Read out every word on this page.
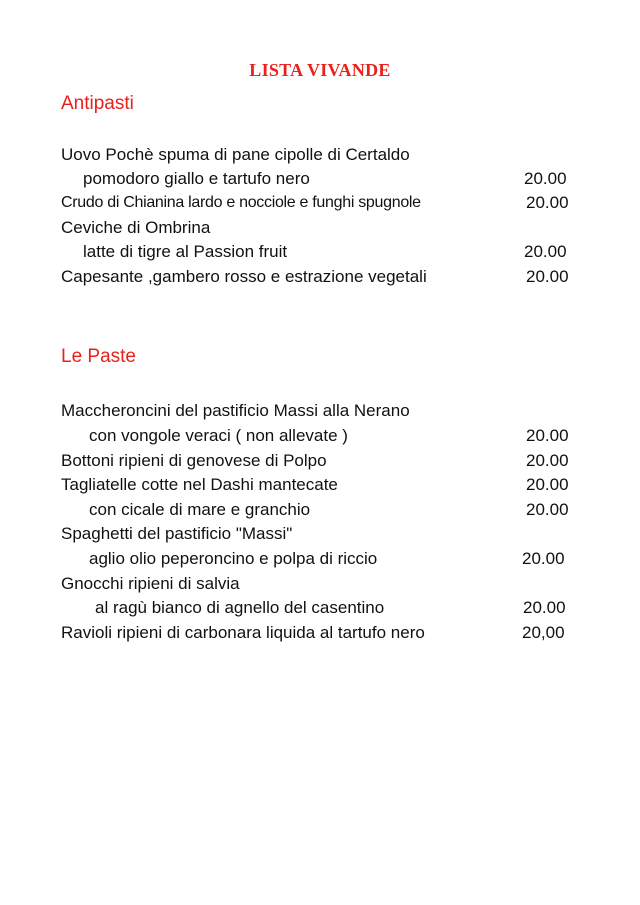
LISTA VIVANDE
Antipasti
Uovo Pochè spuma di pane cipolle di Certaldo
pomodoro giallo e tartufo nero	20.00
Crudo di Chianina lardo e nocciole e funghi spugnole	20.00
Ceviche di Ombrina
latte di tigre al Passion fruit	20.00
Capesante ,gambero rosso e estrazione vegetali	20.00
Le Paste
Maccheroncini del pastificio Massi alla Nerano
con vongole veraci ( non allevate )	20.00
Bottoni ripieni di genovese di Polpo	20.00
Tagliatelle cotte nel Dashi mantecate	20.00
con cicale di mare e granchio	20.00
Spaghetti del pastificio "Massi"
aglio olio peperoncino e polpa di riccio	20.00
Gnocchi ripieni di salvia
al ragù bianco di agnello del casentino	20.00
Ravioli ripieni di carbonara liquida al tartufo nero	20,00
